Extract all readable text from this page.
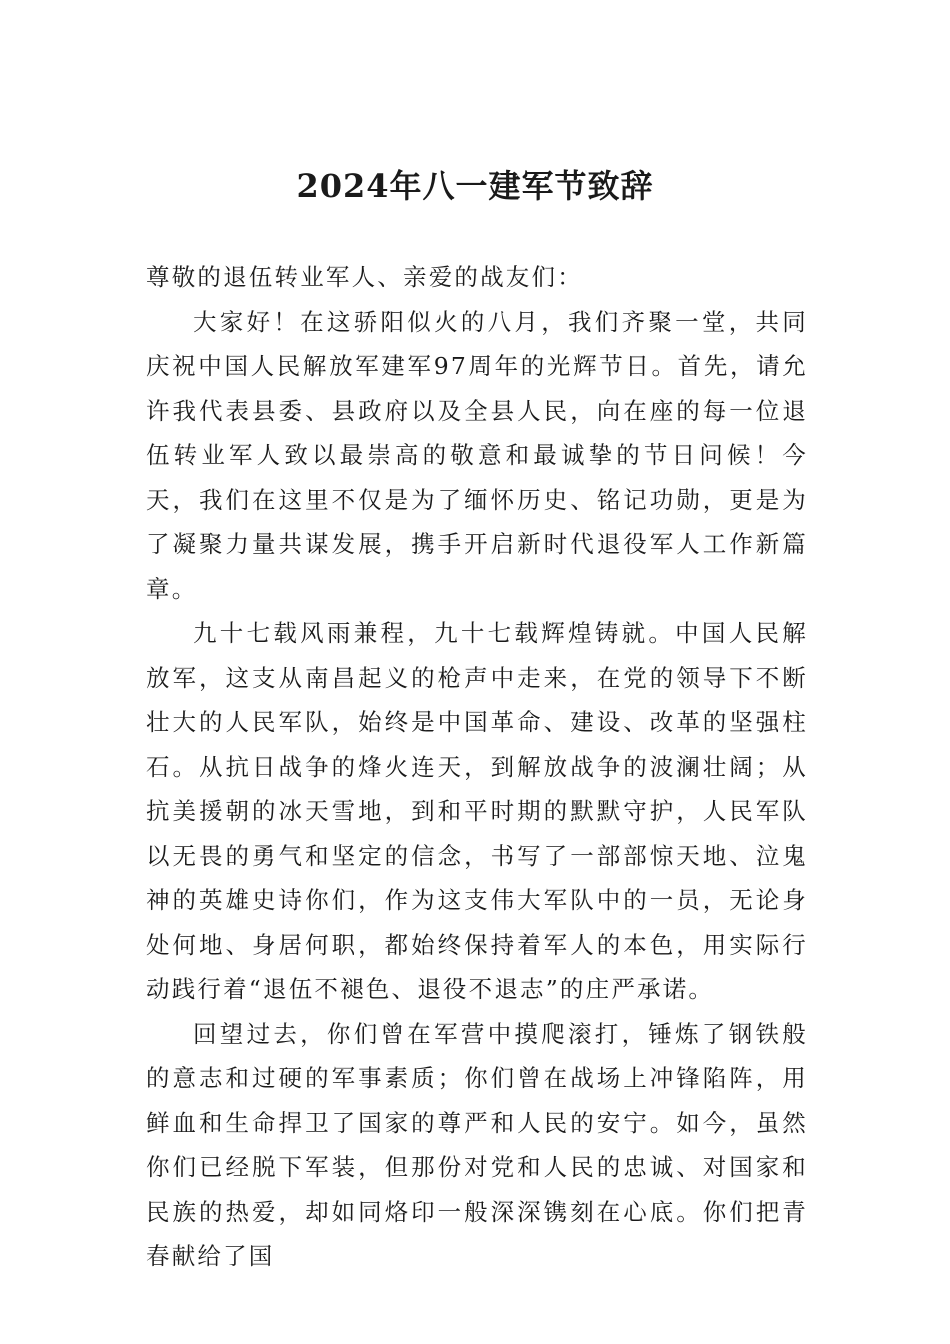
2024年八一建军节致辞

尊敬的退伍转业军人、亲爱的战友们：

大家好！在这骄阳似火的八月，我们齐聚一堂，共同庆祝中国人民解放军建军97周年的光辉节日。首先，请允许我代表县委、县政府以及全县人民，向在座的每一位退伍转业军人致以最崇高的敬意和最诚挚的节日问候！今天，我们在这里不仅是为了缅怀历史、铭记功勋，更是为了凝聚力量共谋发展，携手开启新时代退役军人工作新篇章。

九十七载风雨兼程，九十七载辉煌铸就。中国人民解放军，这支从南昌起义的枪声中走来，在党的领导下不断壮大的人民军队，始终是中国革命、建设、改革的坚强柱石。从抗日战争的烽火连天，到解放战争的波澜壮阔；从抗美援朝的冰天雪地，到和平时期的默默守护，人民军队以无畏的勇气和坚定的信念，书写了一部部惊天地、泣鬼神的英雄史诗你们，作为这支伟大军队中的一员，无论身处何地、身居何职，都始终保持着军人的本色，用实际行动践行着“退伍不褪色、退役不退志”的庄严承诺。

回望过去，你们曾在军营中摸爬滚打，锤炼了钢铁般的意志和过硬的军事素质；你们曾在战场上冲锋陷阵，用鲜血和生命捍卫了国家的尊严和人民的安宁。如今，虽然你们已经脱下军装，但那份对党和人民的忠诚、对国家和民族的热爱，却如同烙印一般深深镌刻在心底。你们把青春献给了国
